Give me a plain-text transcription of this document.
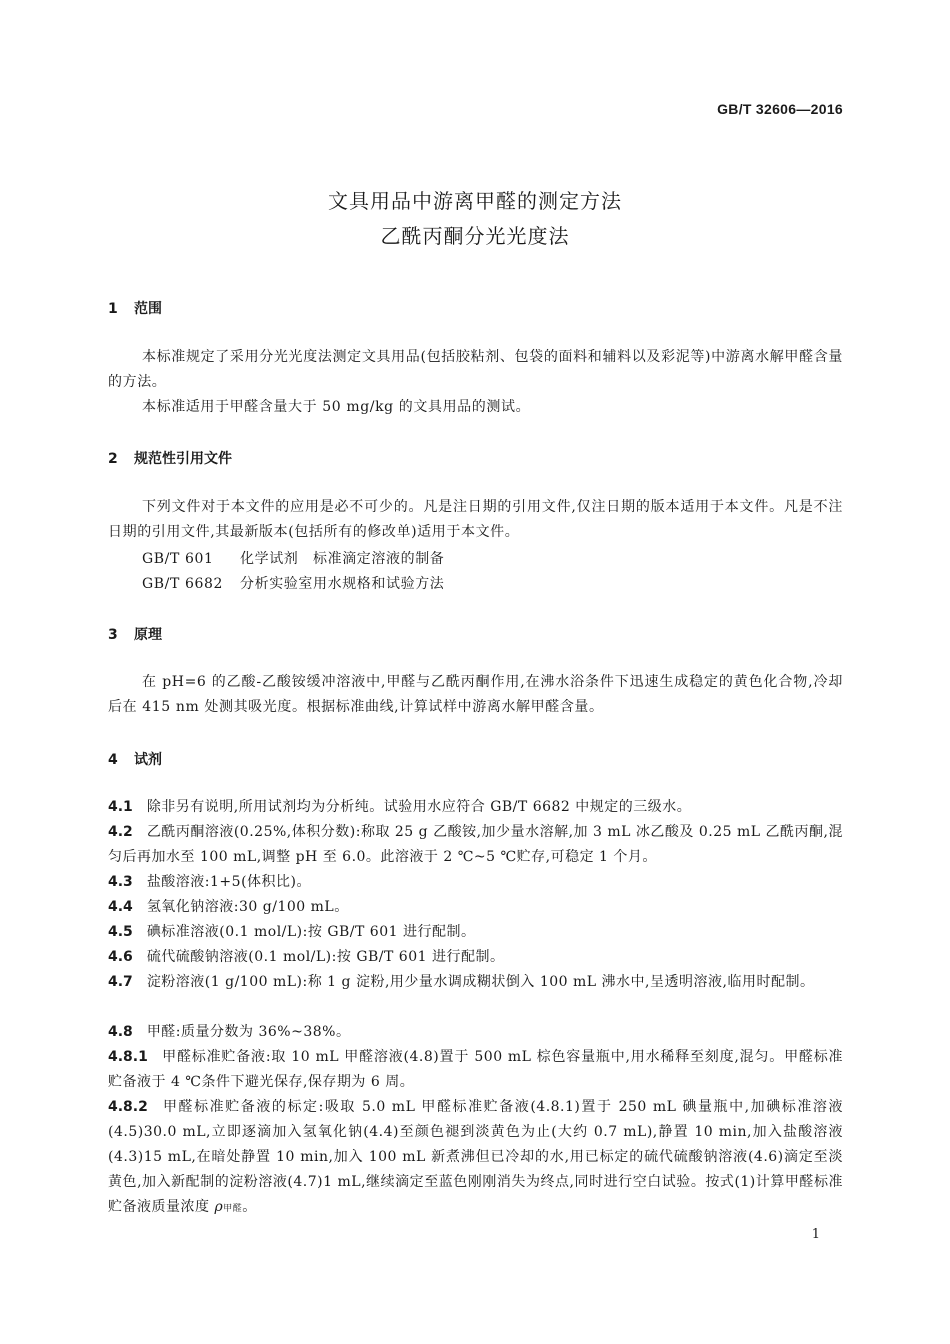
GB/T 32606—2016
文具用品中游离甲醛的测定方法
乙酰丙酮分光光度法
1 范围
本标准规定了采用分光光度法测定文具用品(包括胶粘剂、包袋的面料和辅料以及彩泥等)中游离水解甲醛含量的方法。
本标准适用于甲醛含量大于 50 mg/kg 的文具用品的测试。
2 规范性引用文件
下列文件对于本文件的应用是必不可少的。凡是注日期的引用文件,仅注日期的版本适用于本文件。凡是不注日期的引用文件,其最新版本(包括所有的修改单)适用于本文件。
GB/T 601 化学试剂　标准滴定溶液的制备
GB/T 6682 分析实验室用水规格和试验方法
3 原理
在 pH=6 的乙酸-乙酸铵缓冲溶液中,甲醛与乙酰丙酮作用,在沸水浴条件下迅速生成稳定的黄色化合物,冷却后在 415 nm 处测其吸光度。根据标准曲线,计算试样中游离水解甲醛含量。
4 试剂
4.1 除非另有说明,所用试剂均为分析纯。试验用水应符合 GB/T 6682 中规定的三级水。
4.2 乙酰丙酮溶液(0.25%,体积分数):称取 25 g 乙酸铵,加少量水溶解,加 3 mL 冰乙酸及 0.25 mL 乙酰丙酮,混匀后再加水至 100 mL,调整 pH 至 6.0。此溶液于 2 ℃~5 ℃贮存,可稳定 1 个月。
4.3 盐酸溶液:1+5(体积比)。
4.4 氢氧化钠溶液:30 g/100 mL。
4.5 碘标准溶液(0.1 mol/L):按 GB/T 601 进行配制。
4.6 硫代硫酸钠溶液(0.1 mol/L):按 GB/T 601 进行配制。
4.7 淀粉溶液(1 g/100 mL):称 1 g 淀粉,用少量水调成糊状倒入 100 mL 沸水中,呈透明溶液,临用时配制。
4.8 甲醛:质量分数为 36%~38%。
4.8.1 甲醛标准贮备液:取 10 mL 甲醛溶液(4.8)置于 500 mL 棕色容量瓶中,用水稀释至刻度,混匀。甲醛标准贮备液于 4 ℃条件下避光保存,保存期为 6 周。
4.8.2 甲醛标准贮备液的标定:吸取 5.0 mL 甲醛标准贮备液(4.8.1)置于 250 mL 碘量瓶中,加碘标准溶液(4.5)30.0 mL,立即逐滴加入氢氧化钠(4.4)至颜色褪到淡黄色为止(大约 0.7 mL),静置 10 min,加入盐酸溶液(4.3)15 mL,在暗处静置 10 min,加入 100 mL 新煮沸但已冷却的水,用已标定的硫代硫酸钠溶液(4.6)滴定至淡黄色,加入新配制的淀粉溶液(4.7)1 mL,继续滴定至蓝色刚刚消失为终点,同时进行空白试验。按式(1)计算甲醛标准贮备液质量浓度 ρ甲醛。
1
